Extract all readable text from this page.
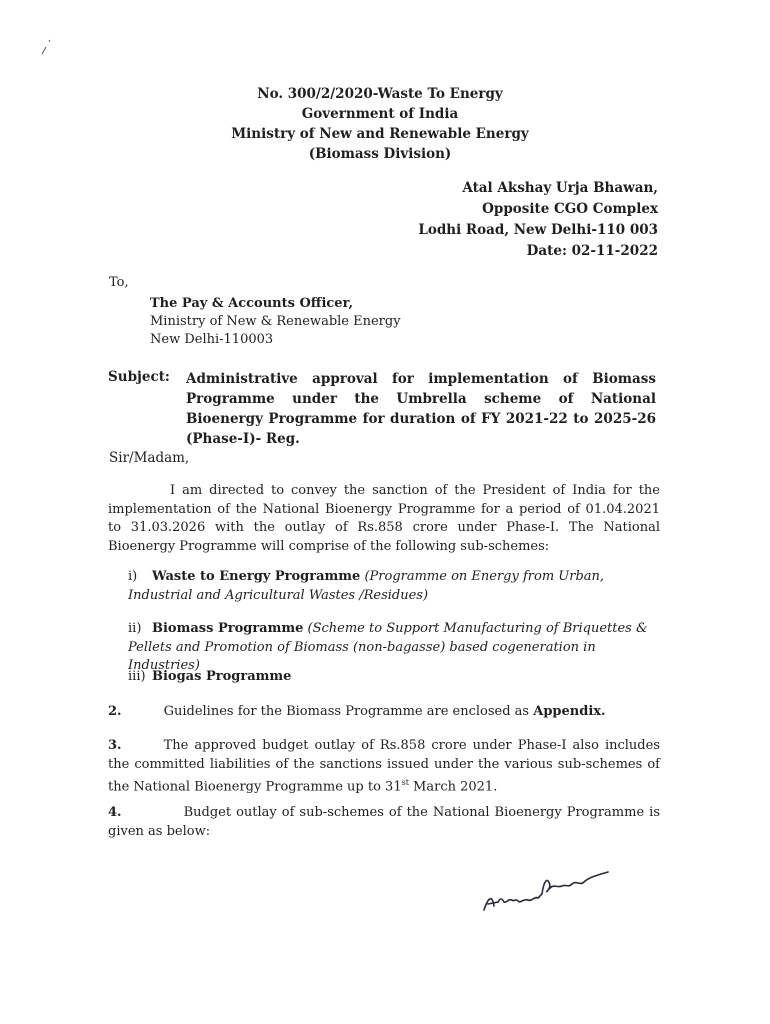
No. 300/2/2020-Waste To Energy
Government of India
Ministry of New and Renewable Energy
(Biomass Division)
Atal Akshay Urja Bhawan,
Opposite CGO Complex
Lodhi Road, New Delhi-110 003
Date: 02-11-2022
To,
The Pay & Accounts Officer,
Ministry of New & Renewable Energy
New Delhi-110003
Subject: Administrative approval for implementation of Biomass Programme under the Umbrella scheme of National Bioenergy Programme for duration of FY 2021-22 to 2025-26 (Phase-I)- Reg.
Sir/Madam,
I am directed to convey the sanction of the President of India for the implementation of the National Bioenergy Programme for a period of 01.04.2021 to 31.03.2026 with the outlay of Rs.858 crore under Phase-I. The National Bioenergy Programme will comprise of the following sub-schemes:
i) Waste to Energy Programme (Programme on Energy from Urban, Industrial and Agricultural Wastes /Residues)
ii) Biomass Programme (Scheme to Support Manufacturing of Briquettes & Pellets and Promotion of Biomass (non-bagasse) based cogeneration in Industries)
iii) Biogas Programme
2.	Guidelines for the Biomass Programme are enclosed as Appendix.
3.	The approved budget outlay of Rs.858 crore under Phase-I also includes the committed liabilities of the sanctions issued under the various sub-schemes of the National Bioenergy Programme up to 31st March 2021.
4.	Budget outlay of sub-schemes of the National Bioenergy Programme is given as below:
